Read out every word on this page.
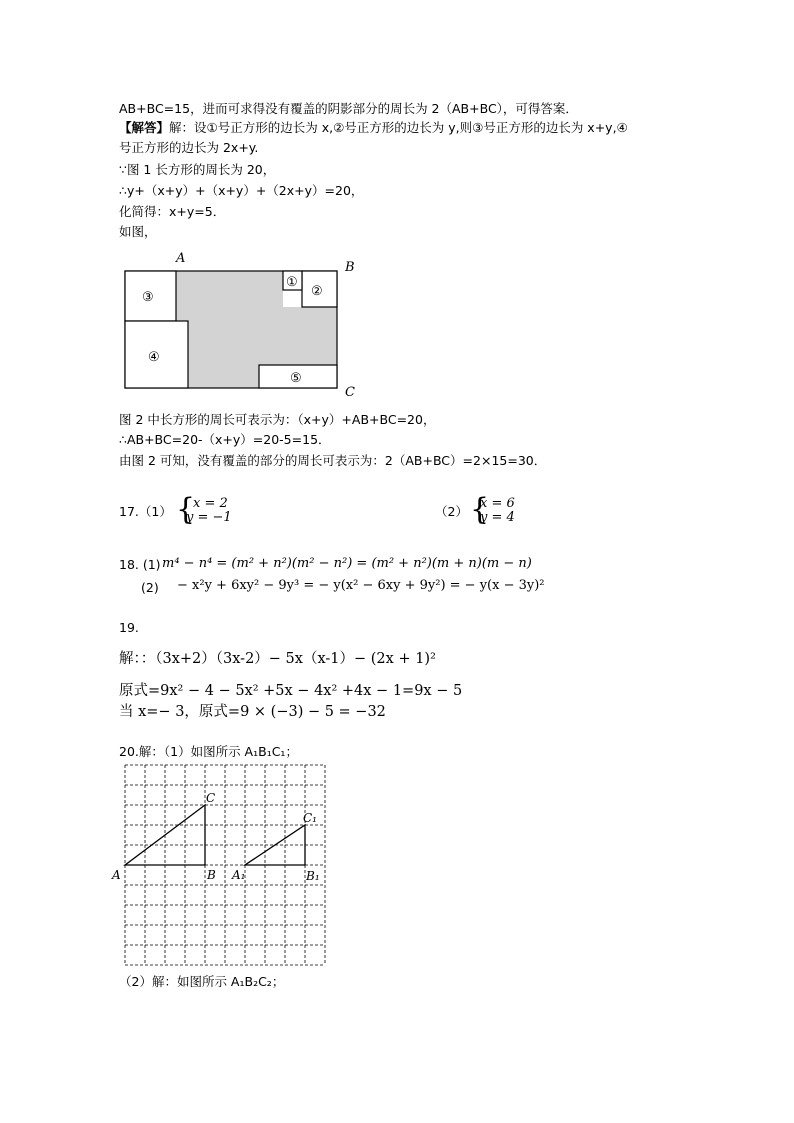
AB+BC=15，进而可求得没有覆盖的阴影部分的周长为 2（AB+BC），可得答案．
【解答】解：设①号正方形的边长为 x,②号正方形的边长为 y,则③号正方形的边长为 x+y,④
号正方形的边长为 2x+y.
∵图 1 长方形的周长为 20，
∴y+（x+y）+（x+y）+（2x+y）=20，
化简得：x+y=5．
如图，
A
B
C
①
②
③
④
⑤
图 2 中长方形的周长可表示为：（x+y）+AB+BC=20，
∴AB+BC=20-（x+y）=20-5=15．
由图 2 可知，没有覆盖的部分的周长可表示为：2（AB+BC）=2×15=30．
17.（1） {
x = 2
y = −1	（2） {
x = 6
y = 4
18. (1) m⁴ − n⁴ = (m² + n²)(m² − n²) = (m² + n²)(m + n)(m − n)
(2) − x²y + 6xy² − 9y³ = − y(x² − 6xy + 9y²) = − y(x − 3y)²
19.
解：：（3x+2）（3x-2）− 5x（x-1）− (2x + 1)²
原式=9x² − 4 − 5x² +5x − 4x² +4x − 1=9x − 5
当 x=− 3，原式=9 × (−3) − 5 = −32
20.解：（1）如图所示 A₁B₁C₁；
A	B
C
A₁	B₁
C₁
（2）解：如图所示 A₁B₂C₂；
